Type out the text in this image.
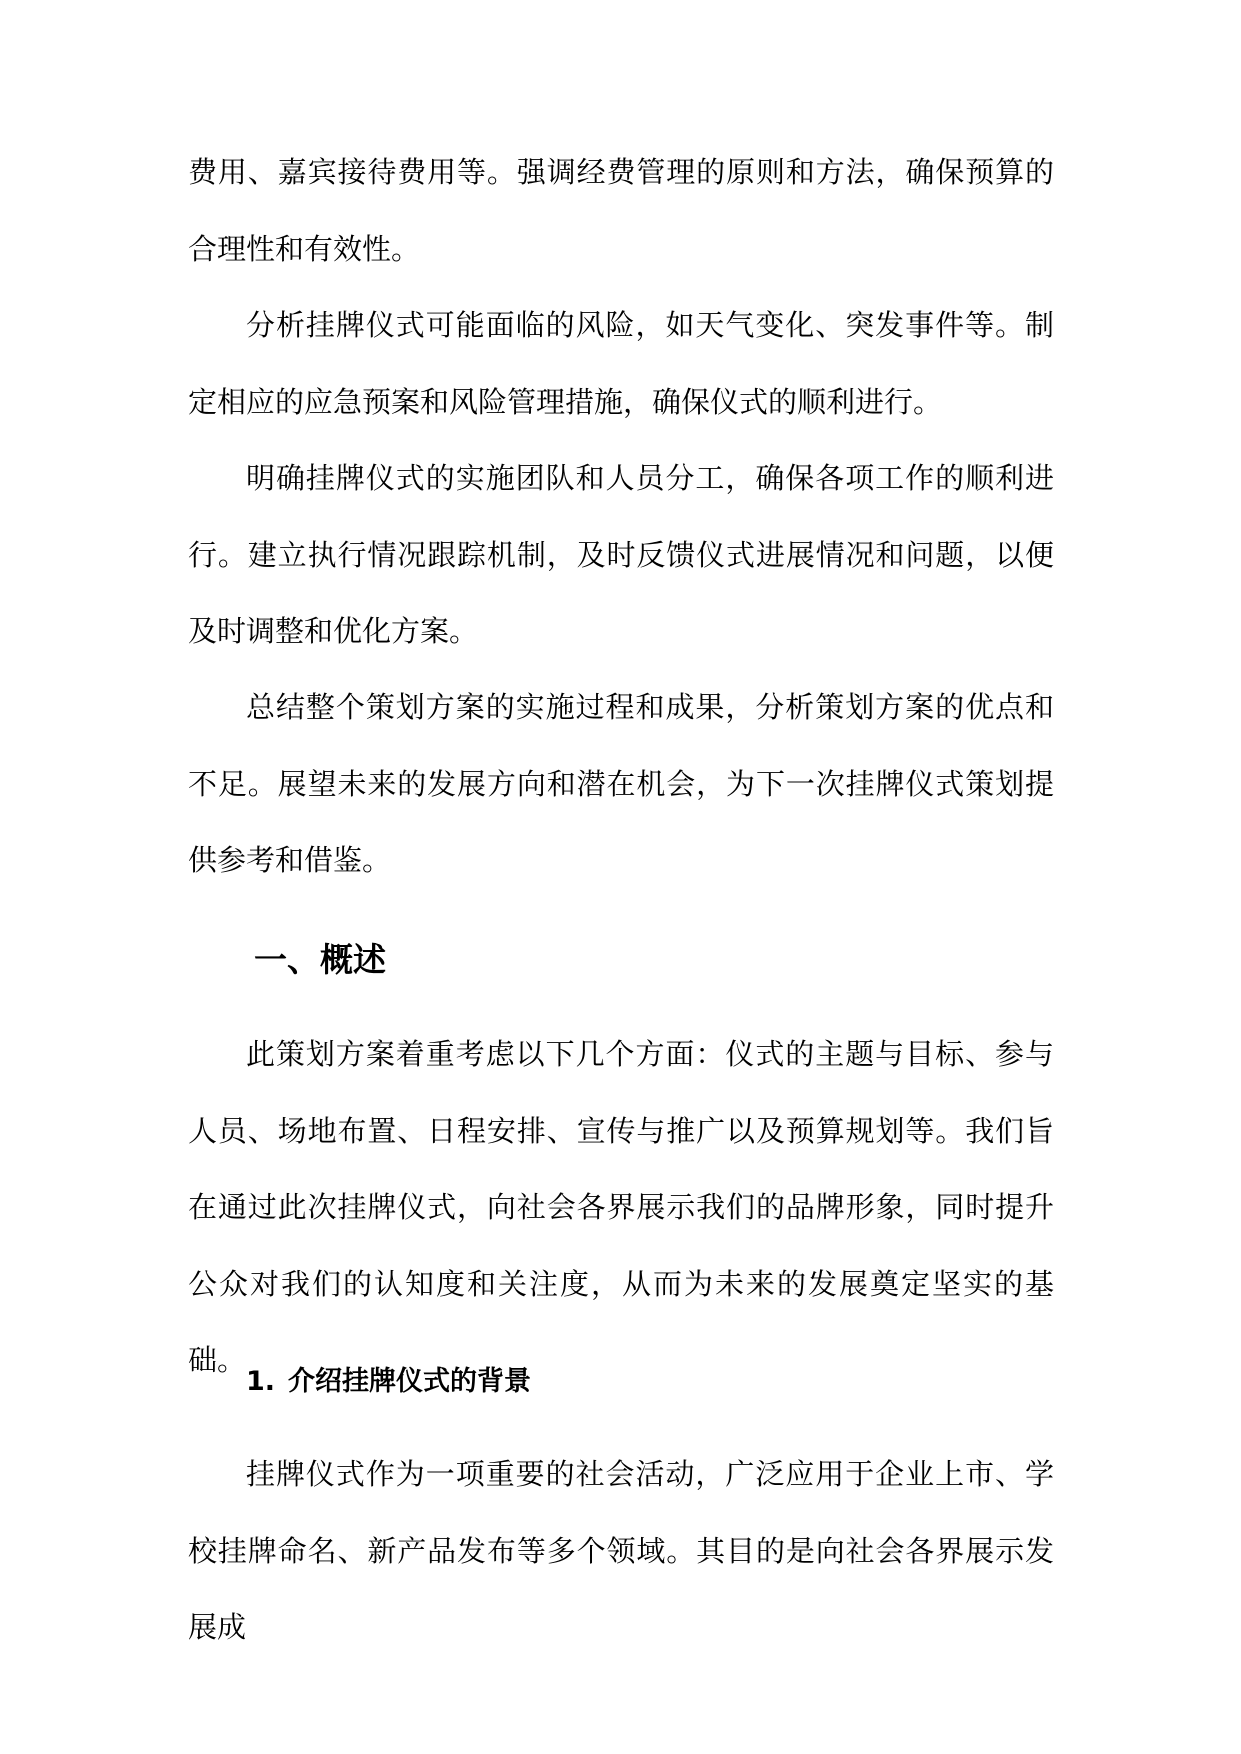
费用、嘉宾接待费用等。强调经费管理的原则和方法，确保预算的合理性和有效性。

分析挂牌仪式可能面临的风险，如天气变化、突发事件等。制定相应的应急预案和风险管理措施，确保仪式的顺利进行。

明确挂牌仪式的实施团队和人员分工，确保各项工作的顺利进行。建立执行情况跟踪机制，及时反馈仪式进展情况和问题，以便及时调整和优化方案。

总结整个策划方案的实施过程和成果，分析策划方案的优点和不足。展望未来的发展方向和潜在机会，为下一次挂牌仪式策划提供参考和借鉴。

一、概述

此策划方案着重考虑以下几个方面：仪式的主题与目标、参与人员、场地布置、日程安排、宣传与推广以及预算规划等。我们旨在通过此次挂牌仪式，向社会各界展示我们的品牌形象，同时提升公众对我们的认知度和关注度，从而为未来的发展奠定坚实的基础。

1. 介绍挂牌仪式的背景

挂牌仪式作为一项重要的社会活动，广泛应用于企业上市、学校挂牌命名、新产品发布等多个领域。其目的是向社会各界展示发展成
